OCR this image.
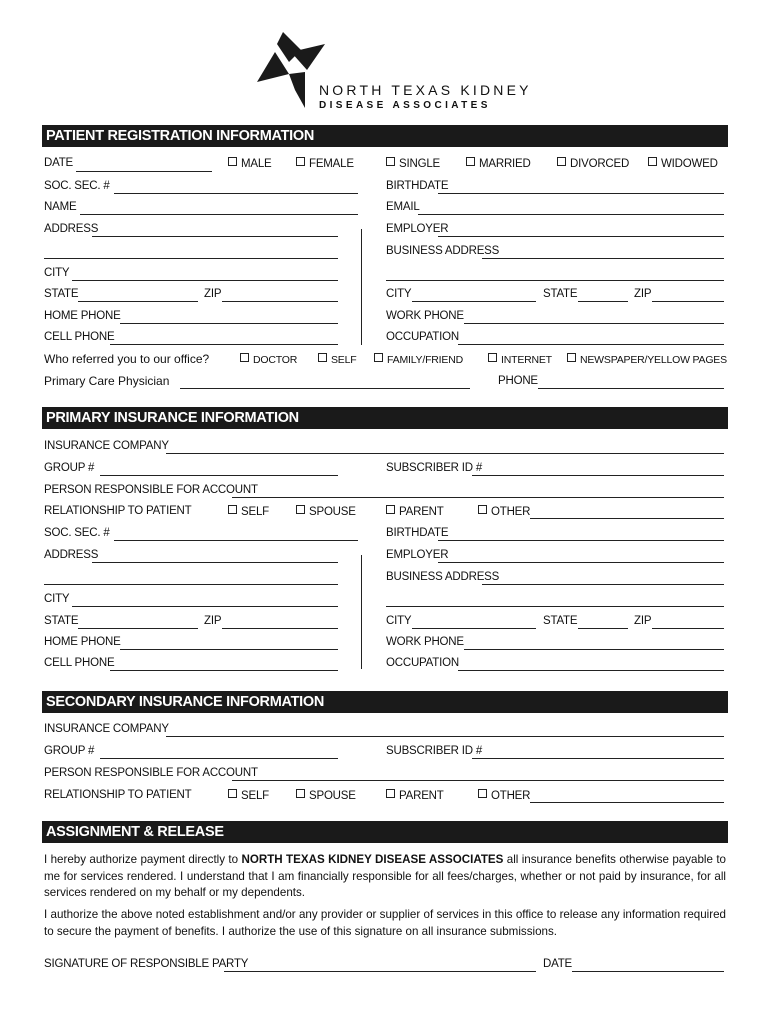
NORTH TEXAS KIDNEY
DISEASE ASSOCIATES
PATIENT REGISTRATION INFORMATION
DATE	MALE	FEMALE	SINGLE	MARRIED	DIVORCED	WIDOWED
SOC. SEC. #	BIRTHDATE
NAME	EMAIL
ADDRESS	EMPLOYER
BUSINESS ADDRESS
CITY
STATE	ZIP	CITY	STATE	ZIP
HOME PHONE	WORK PHONE
CELL PHONE	OCCUPATION
Who referred you to our office?	DOCTOR	SELF	FAMILY/FRIEND	INTERNET	NEWSPAPER/YELLOW PAGES
Primary Care Physician	PHONE
PRIMARY INSURANCE INFORMATION
INSURANCE COMPANY
GROUP #	SUBSCRIBER ID #
PERSON RESPONSIBLE FOR ACCOUNT
RELATIONSHIP TO PATIENT	SELF	SPOUSE	PARENT	OTHER
SOC. SEC. #	BIRTHDATE
ADDRESS	EMPLOYER
BUSINESS ADDRESS
CITY
STATE	ZIP	CITY	STATE	ZIP
HOME PHONE	WORK PHONE
CELL PHONE	OCCUPATION
SECONDARY INSURANCE INFORMATION
INSURANCE COMPANY
GROUP #	SUBSCRIBER ID #
PERSON RESPONSIBLE FOR ACCOUNT
RELATIONSHIP TO PATIENT	SELF	SPOUSE	PARENT	OTHER
ASSIGNMENT & RELEASE
I hereby authorize payment directly to NORTH TEXAS KIDNEY DISEASE ASSOCIATES all insurance benefits otherwise payable to me for services rendered. I understand that I am financially responsible for all fees/charges, whether or not paid by insurance, for all services rendered on my behalf or my dependents.
I authorize the above noted establishment and/or any provider or supplier of services in this office to release any information required to secure the payment of benefits. I authorize the use of this signature on all insurance submissions.
SIGNATURE OF RESPONSIBLE PARTY	DATE
